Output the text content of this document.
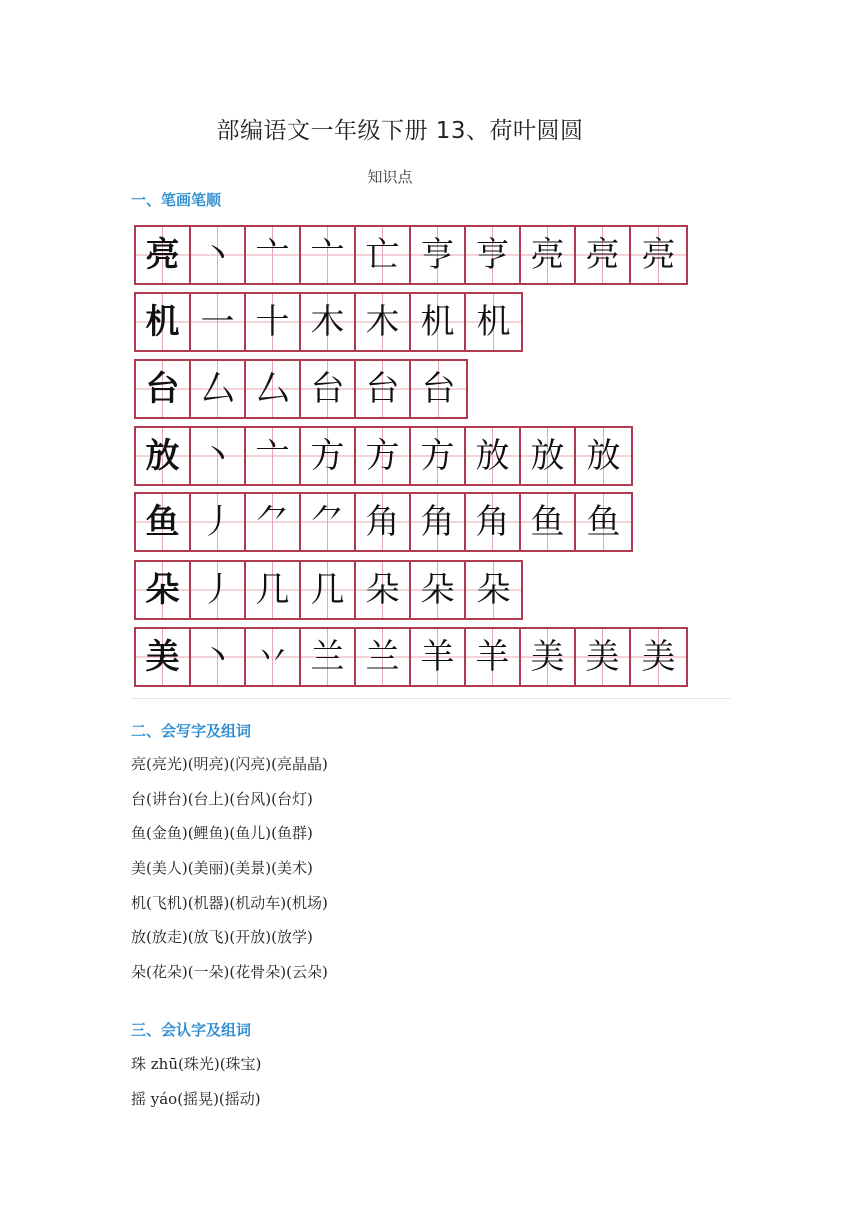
部编语文一年级下册 13、荷叶圆圆
知识点
一、笔画笔顺
亮 丶 亠 亠 亡 亨 亨 亮 亮 亮
机 一 十 木 木 机 机
台 厶 厶 台 台 台
放 丶 亠 方 方 方 放 放 放
鱼 丿 ⺈ ⺈ 角 角 角 鱼 鱼
朵 丿 几 几 朵 朵 朵
美 丶 丷 兰 兰 羊 羊 美 美 美
二、会写字及组词
亮(亮光)(明亮)(闪亮)(亮晶晶)
台(讲台)(台上)(台风)(台灯)
鱼(金鱼)(鲤鱼)(鱼儿)(鱼群)
美(美人)(美丽)(美景)(美术)
机(飞机)(机器)(机动车)(机场)
放(放走)(放飞)(开放)(放学)
朵(花朵)(一朵)(花骨朵)(云朵)
三、会认字及组词
珠 zhū(珠光)(珠宝)
摇 yáo(摇晃)(摇动)
